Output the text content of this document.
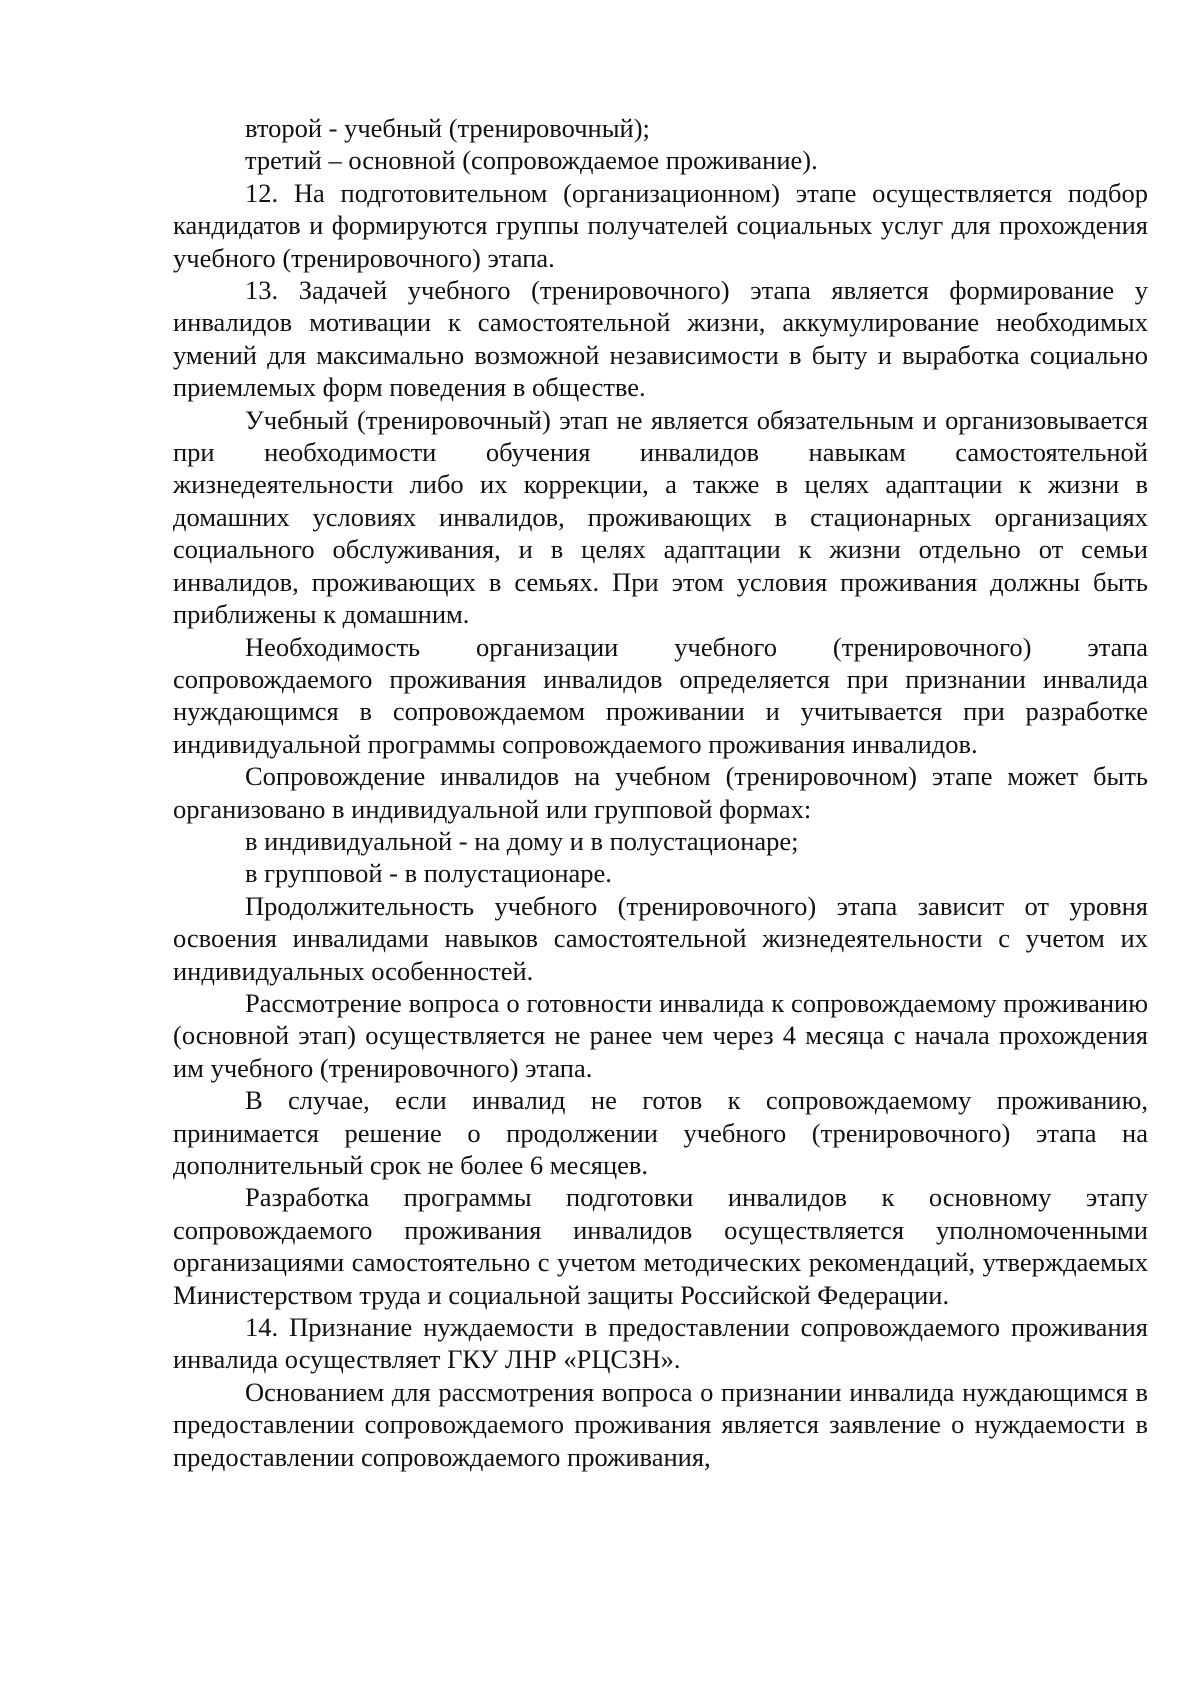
второй - учебный (тренировочный);

третий – основной (сопровождаемое проживание).

12. На подготовительном (организационном) этапе осуществляется подбор кандидатов и формируются группы получателей социальных услуг для прохождения учебного (тренировочного) этапа.

13. Задачей учебного (тренировочного) этапа является формирование у инвалидов мотивации к самостоятельной жизни, аккумулирование необходимых умений для максимально возможной независимости в быту и выработка социально приемлемых форм поведения в обществе.

Учебный (тренировочный) этап не является обязательным и организовывается при необходимости обучения инвалидов навыкам самостоятельной жизнедеятельности либо их коррекции, а также в целях адаптации к жизни в домашних условиях инвалидов, проживающих в стационарных организациях социального обслуживания, и в целях адаптации к жизни отдельно от семьи инвалидов, проживающих в семьях. При этом условия проживания должны быть приближены к домашним.

Необходимость организации учебного (тренировочного) этапа сопровождаемого проживания инвалидов определяется при признании инвалида нуждающимся в сопровождаемом проживании и учитывается при разработке индивидуальной программы сопровождаемого проживания инвалидов.

Сопровождение инвалидов на учебном (тренировочном) этапе может быть организовано в индивидуальной или групповой формах:

в индивидуальной - на дому и в полустационаре;

в групповой - в полустационаре.

Продолжительность учебного (тренировочного) этапа зависит от уровня освоения инвалидами навыков самостоятельной жизнедеятельности с учетом их индивидуальных особенностей.

Рассмотрение вопроса о готовности инвалида к сопровождаемому проживанию (основной этап) осуществляется не ранее чем через 4 месяца с начала прохождения им учебного (тренировочного) этапа.

В случае, если инвалид не готов к сопровождаемому проживанию, принимается решение о продолжении учебного (тренировочного) этапа на дополнительный срок не более 6 месяцев.

Разработка программы подготовки инвалидов к основному этапу сопровождаемого проживания инвалидов осуществляется уполномоченными организациями самостоятельно с учетом методических рекомендаций, утверждаемых Министерством труда и социальной защиты Российской Федерации.

14. Признание нуждаемости в предоставлении сопровождаемого проживания инвалида осуществляет ГКУ ЛНР «РЦСЗН».

Основанием для рассмотрения вопроса о признании инвалида нуждающимся в предоставлении сопровождаемого проживания является заявление о нуждаемости в предоставлении сопровождаемого проживания,
